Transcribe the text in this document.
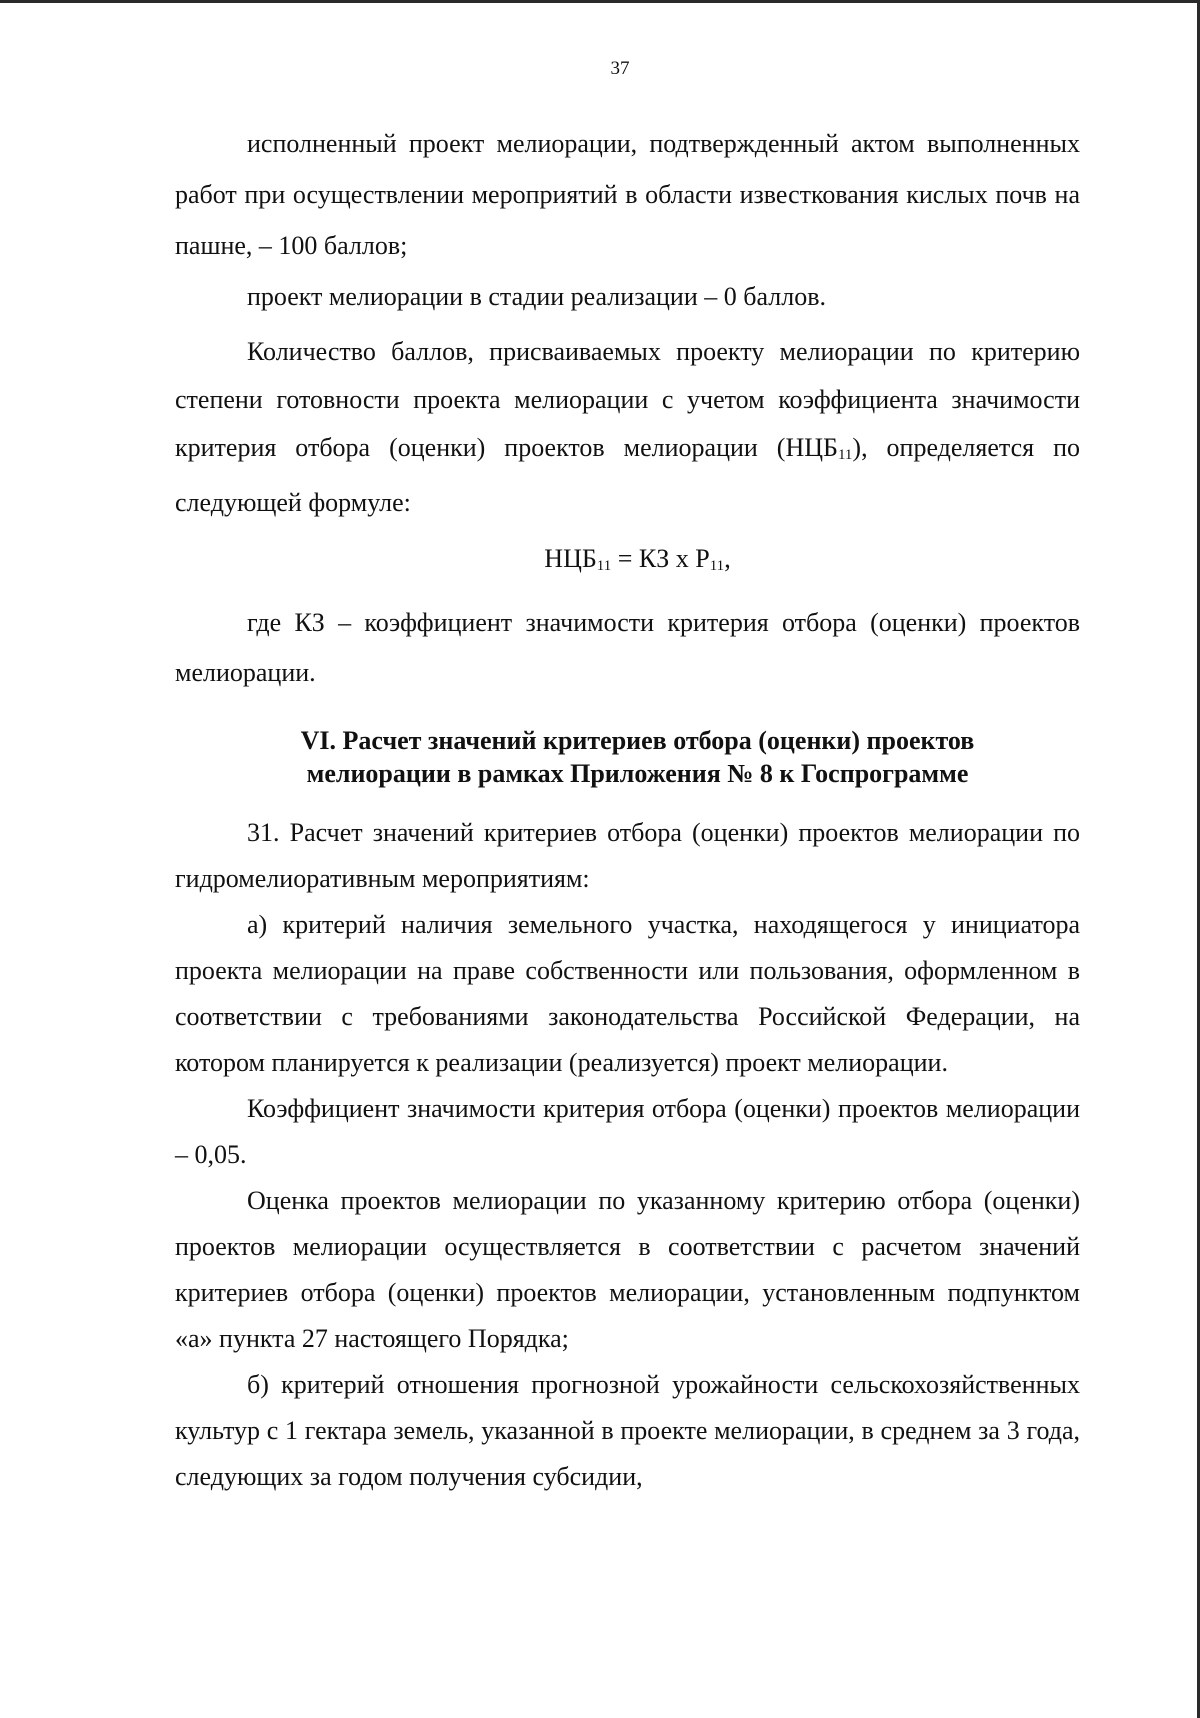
37

исполненный проект мелиорации, подтвержденный актом выполненных работ при осуществлении мероприятий в области известкования кислых почв на пашне, – 100 баллов;

проект мелиорации в стадии реализации – 0 баллов.

Количество баллов, присваиваемых проекту мелиорации по критерию степени готовности проекта мелиорации с учетом коэффициента значимости критерия отбора (оценки) проектов мелиорации $(НЦБ_{11})$, определяется по следующей формуле:

$НЦБ_{11}$ = КЗ х $Р_{11}$,

где КЗ – коэффициент значимости критерия отбора (оценки) проектов мелиорации.

VI. Расчет значений критериев отбора (оценки) проектов
мелиорации в рамках Приложения № 8 к Госпрограмме

31. Расчет значений критериев отбора (оценки) проектов мелиорации по гидромелиоративным мероприятиям:

а) критерий наличия земельного участка, находящегося у инициатора проекта мелиорации на праве собственности или пользования, оформленном в соответствии с требованиями законодательства Российской Федерации, на котором планируется к реализации (реализуется) проект мелиорации.

Коэффициент значимости критерия отбора (оценки) проектов мелиорации – 0,05.

Оценка проектов мелиорации по указанному критерию отбора (оценки) проектов мелиорации осуществляется в соответствии с расчетом значений критериев отбора (оценки) проектов мелиорации, установленным подпунктом «а» пункта 27 настоящего Порядка;

б) критерий отношения прогнозной урожайности сельскохозяйственных культур с 1 гектара земель, указанной в проекте мелиорации, в среднем за 3 года, следующих за годом получения субсидии,
